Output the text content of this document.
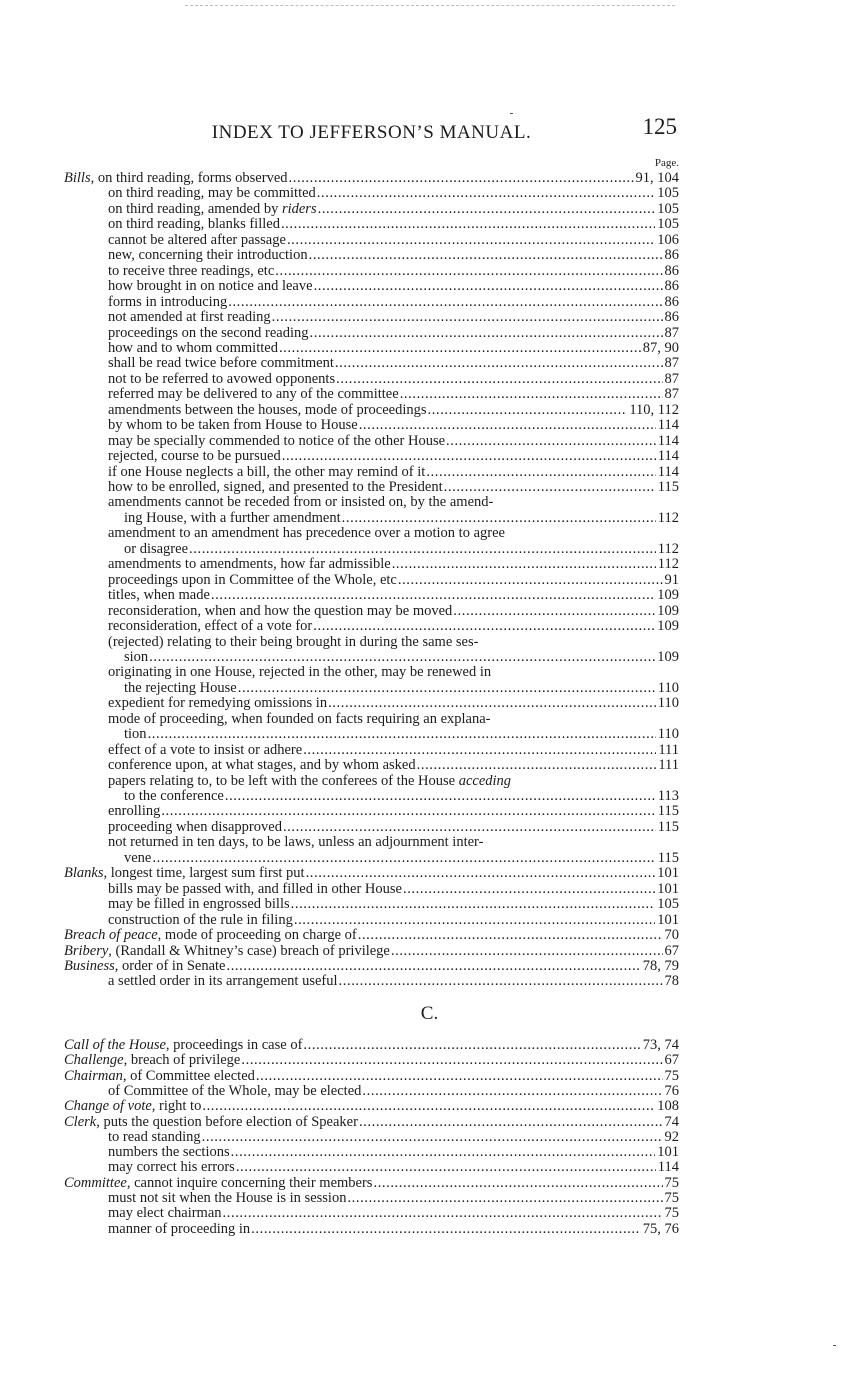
INDEX TO JEFFERSON’S MANUAL.	125
Page.
Bills, on third reading, forms observed .....	91, 104
on third reading, may be committed .....	105
on third reading, amended by riders .....	105
on third reading, blanks filled .....	105
cannot be altered after passage .....	106
new, concerning their introduction .....	86
to receive three readings, etc .....	86
how brought in on notice and leave .....	86
forms in introducing .....	86
not amended at first reading .....	86
proceedings on the second reading .....	87
how and to whom committed .....	87, 90
shall be read twice before commitment .....	87
not to be referred to avowed opponents .....	87
referred may be delivered to any of the committee .....	87
amendments between the houses, mode of proceedings .....	110, 112
by whom to be taken from House to House .....	114
may be specially commended to notice of the other House .....	114
rejected, course to be pursued .....	114
if one House neglects a bill, the other may remind of it .....	114
how to be enrolled, signed, and presented to the President .....	115
amendments cannot be receded from or insisted on, by the amend-
ing House, with a further amendment .....	112
amendment to an amendment has precedence over a motion to agree
or disagree .....	112
amendments to amendments, how far admissible .....	112
proceedings upon in Committee of the Whole, etc .....	91
titles, when made .....	109
reconsideration, when and how the question may be moved .....	109
reconsideration, effect of a vote for .....	109
(rejected) relating to their being brought in during the same ses-
sion .....	109
originating in one House, rejected in the other, may be renewed in
the rejecting House .....	110
expedient for remedying omissions in .....	110
mode of proceeding, when founded on facts requiring an explana-
tion .....	110
effect of a vote to insist or adhere .....	111
conference upon, at what stages, and by whom asked .....	111
papers relating to, to be left with the conferees of the House acceding
to the conference .....	113
enrolling .....	115
proceeding when disapproved .....	115
not returned in ten days, to be laws, unless an adjournment inter-
vene .....	115
Blanks, longest time, largest sum first put .....	101
bills may be passed with, and filled in other House .....	101
may be filled in engrossed bills .....	105
construction of the rule in filing .....	101
Breach of peace, mode of proceeding on charge of .....	70
Bribery, (Randall & Whitney’s case) breach of privilege .....	67
Business, order of in Senate .....	78, 79
a settled order in its arrangement useful .....	78
Call of the House, proceedings in case of .....	73, 74
Challenge, breach of privilege .....	67
Chairman, of Committee elected .....	75
of Committee of the Whole, may be elected .....	76
Change of vote, right to .....	108
Clerk, puts the question before election of Speaker .....	74
to read standing .....	92
numbers the sections .....	101
may correct his errors .....	114
Committee, cannot inquire concerning their members .....	75
must not sit when the House is in session .....	75
may elect chairman .....	75
manner of proceeding in .....	75, 76
C.
